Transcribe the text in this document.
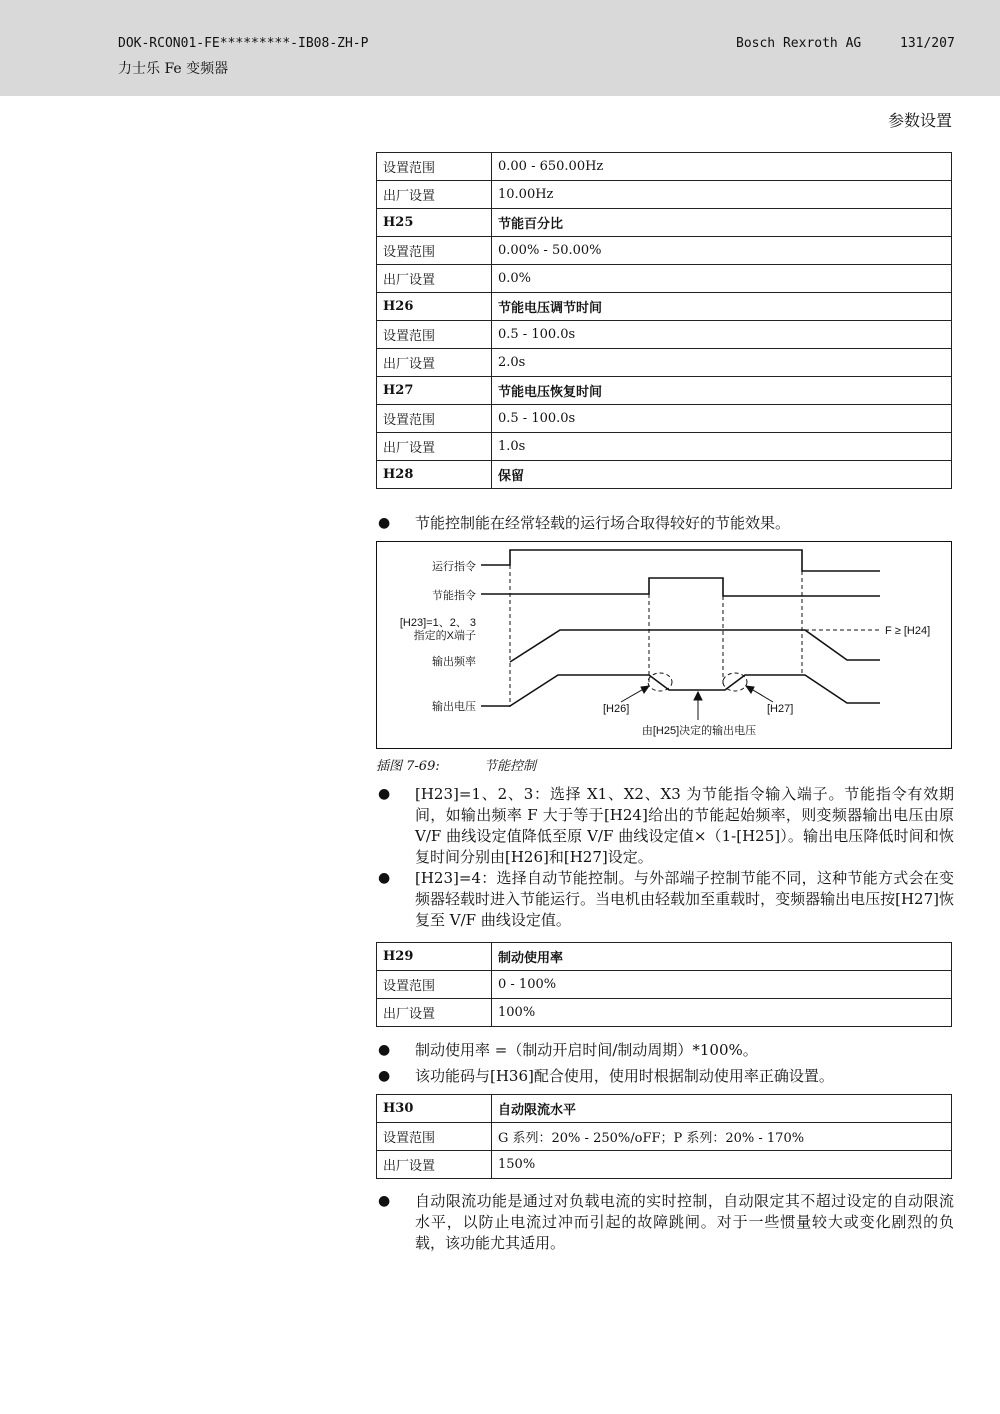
DOK-RCON01-FE*********-IB08-ZH-P
力士乐 Fe 变频器
Bosch Rexroth AG	131/207
参数设置
设置范围	0.00 - 650.00Hz
出厂设置	10.00Hz
H25	节能百分比
设置范围	0.00% - 50.00%
出厂设置	0.0%
H26	节能电压调节时间
设置范围	0.5 - 100.0s
出厂设置	2.0s
H27	节能电压恢复时间
设置范围	0.5 - 100.0s
出厂设置	1.0s
H28	保留
● 节能控制能在经常轻载的运行场合取得较好的节能效果。
运行指令
节能指令
[H23]=1、2、 3
指定的X端子
输出频率
输出电压
F ≥ [H24]
[H26]	[H27]
由[H25]决定的输出电压
插图 7-69:	节能控制
● [H23]=1、2、3：选择 X1、X2、X3 为节能指令输入端子。节能指令有效期间，如输出频率 F 大于等于[H24]给出的节能起始频率，则变频器输出电压由原 V/F 曲线设定值降低至原 V/F 曲线设定值×（1-[H25]）。输出电压降低时间和恢复时间分别由[H26]和[H27]设定。
● [H23]=4：选择自动节能控制。与外部端子控制节能不同，这种节能方式会在变频器轻载时进入节能运行。当电机由轻载加至重载时，变频器输出电压按[H27]恢复至 V/F 曲线设定值。
H29	制动使用率
设置范围	0 - 100%
出厂设置	100%
● 制动使用率 =（制动开启时间/制动周期）*100%。
● 该功能码与[H36]配合使用，使用时根据制动使用率正确设置。
H30	自动限流水平
设置范围	G 系列：20% - 250%/oFF；P 系列：20% - 170%
出厂设置	150%
● 自动限流功能是通过对负载电流的实时控制，自动限定其不超过设定的自动限流水平，以防止电流过冲而引起的故障跳闸。对于一些惯量较大或变化剧烈的负载，该功能尤其适用。
